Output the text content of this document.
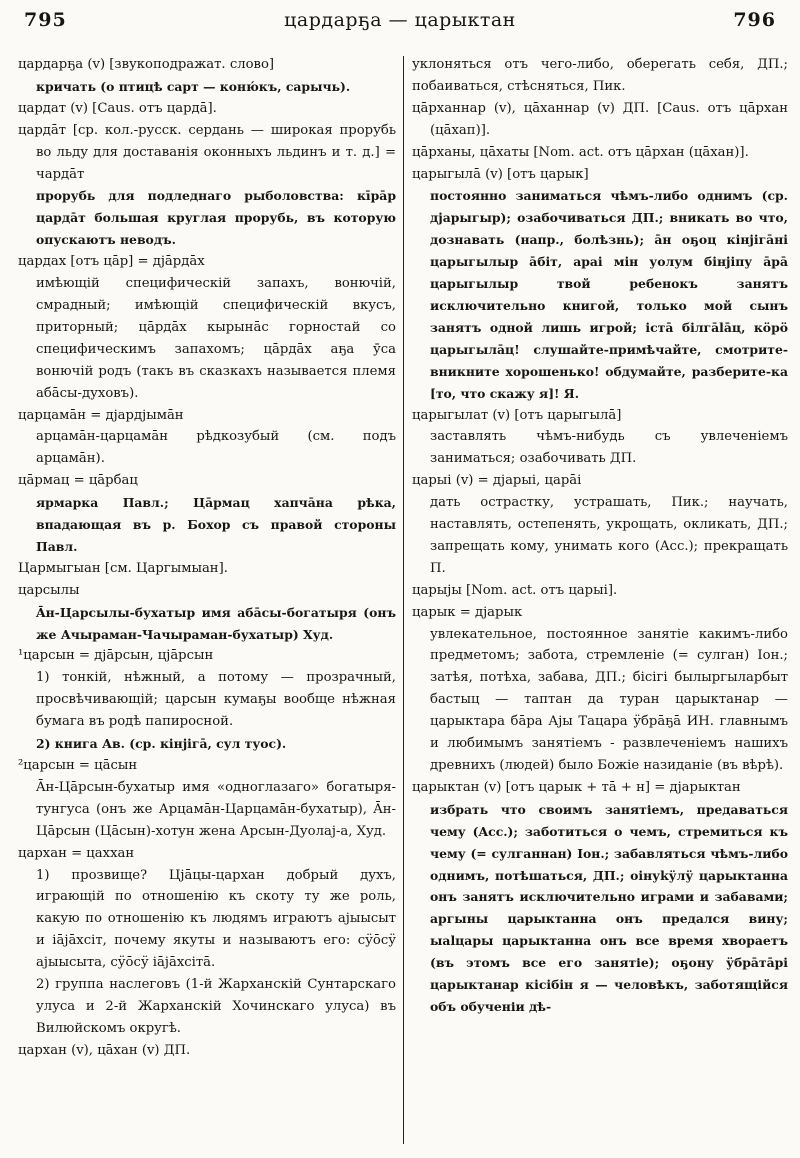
795	цардарҕа — царыктан	796

цардарҕа (v) [звукоподражат. слово]

кричать (о птицѣ сарт — коню́къ, сарычь).

цардат (v) [Caus. отъ цардā].

цардāт [ср. кол.-русск. сердань — широкая прорубь во льду для доставанія оконныхъ льдинъ и т. д.] = чардāт

прорубь для подледнаго рыболовства: кīрāр цардāт большая круглая прорубь, въ которую опускаютъ неводъ.

цардах [отъ цāр] = дjāрдāх

имѣющій специфическій запахъ, вонючій, смрадный; имѣющій специфическій вкусъ, приторный; цāрдāх кырынāс горностай со специфическимъ запахомъ; цāрдāх аҕа ӯса вонючій родъ (такъ въ сказкахъ называется племя абāсы-духовъ).

царцамāн = дjардjымāн

арцамāн-царцамāн рѣдкозубый (см. подъ арцамāн).

цāрмац = цāрбац

ярмарка Павл.; Цāрмац хапчāна рѣка, впадающая въ р. Бохор съ правой стороны Павл.

Цармыгыан [см. Царгымыан].

царсылы

Āн-Царсылы-бухатыр имя абāсы-богатыря (онъ же Ачыраман-Чачыраман-бухатыр) Худ.

¹царсын = дjāрсын, цjāрсын

1) тонкій, нѣжный, а потому — прозрачный, просвѣчивающій; царсын кумаҕы вообще нѣжная бумага въ родѣ папиросной.

2) книга Ав. (ср. кiнjiгā, сул туос).

²царсын = цāсын

Āн-Цāрсын-бухатыр имя «одноглазаго» богатыря-тунгуса (онъ же Арцамāн-Царцамāн-бухатыр), Āн-Цāрсын (Цāсын)-хотун жена Арсын-Дуолај-а, Худ.

цархан = цаххан

1) прозвище? Цjāцы-цархан добрый духъ, играющій по отношенію къ скоту ту же роль, какую по отношенію къ людямъ играютъ аjыысыт и iājāхсiт, почему якуты и называютъ его: сӱōсӱ аjыысыта, сӱōсӱ iājāхсiтā.

2) группа наслеговъ (1-й Жарханскій Сунтарскаго улуса и 2-й Жарханскій Хочинскаго улуса) въ Вилюйскомъ округѣ.

цархан (v), цāхан (v) ДП.

уклоняться отъ чего-либо, оберегать себя, ДП.; побаиваться, стѣсняться, Пик.

цāрханнар (v), цāханнар (v) ДП. [Caus. отъ цāрхан (цāхап)].

цāрханы, цāхаты [Nom. act. отъ цāрхан (цāхан)].

царыгылā (v) [отъ царык]

постоянно заниматься чѣмъ-либо однимъ (ср. дjарыгыр); озабочиваться ДП.; вникать во что, дознавать (напр., болѣзнь); āн оҕоц кiнjiгāнi царыгылыр āбiт, араi мiн уолум бiнjiпу āрā царыгылыр твой ребенокъ занятъ исключительно книгой, только мой сынъ занятъ одной лишь игрой; iстā бiлгālāц, кӧрӧ царыгылāц! слушайте-примѣчайте, смотрите-вникните хорошенько! обдумайте, разберите-ка [то, что скажу я]! Я.

царыгылат (v) [отъ царыгылā]

заставлять чѣмъ-нибудь съ увлеченіемъ заниматься; озабочивать ДП.

царыi (v) = дjарыi, царāi

дать острастку, устрашать, Пик.; научать, наставлять, остепенять, укрощать, окликать, ДП.; запрещать кому, унимать кого (Acc.); прекращать П.

царыjы [Nom. act. отъ царыi].

царык = дjарык

увлекательное, постоянное занятіе какимъ-либо предметомъ; забота, стремленіе (= сулган) Іон.; затѣя, потѣха, забава, ДП.; бiсiгi былыргыларбыт бастыц — таптан да туран царыктанар — царыктара бāра Аjы Тацара ӱбрāҕā ИН. главнымъ и любимымъ занятіемъ - развлеченіемъ нашихъ древнихъ (людей) было Божіе назиданіе (въ вѣрѣ).

царыктан (v) [отъ царык + тā + н] = дjарыктан

избрать что своимъ занятіемъ, предаваться чему (Acc.); заботиться о чемъ, стремиться къ чему (= сулганнан) Іон.; забавляться чѣмъ-либо однимъ, потѣшаться, ДП.; оiнуkӱлӱ царыктанна онъ занятъ исключительно играми и забавами; аргыны царыктанна онъ предался вину; ыаlцары царыктанна онъ все время хвораетъ (въ этомъ все его занятіе); оҕону ӱбрāтāрi царыктанар кiсiбiн я — человѣкъ, заботящійся объ обученіи дѣ-
